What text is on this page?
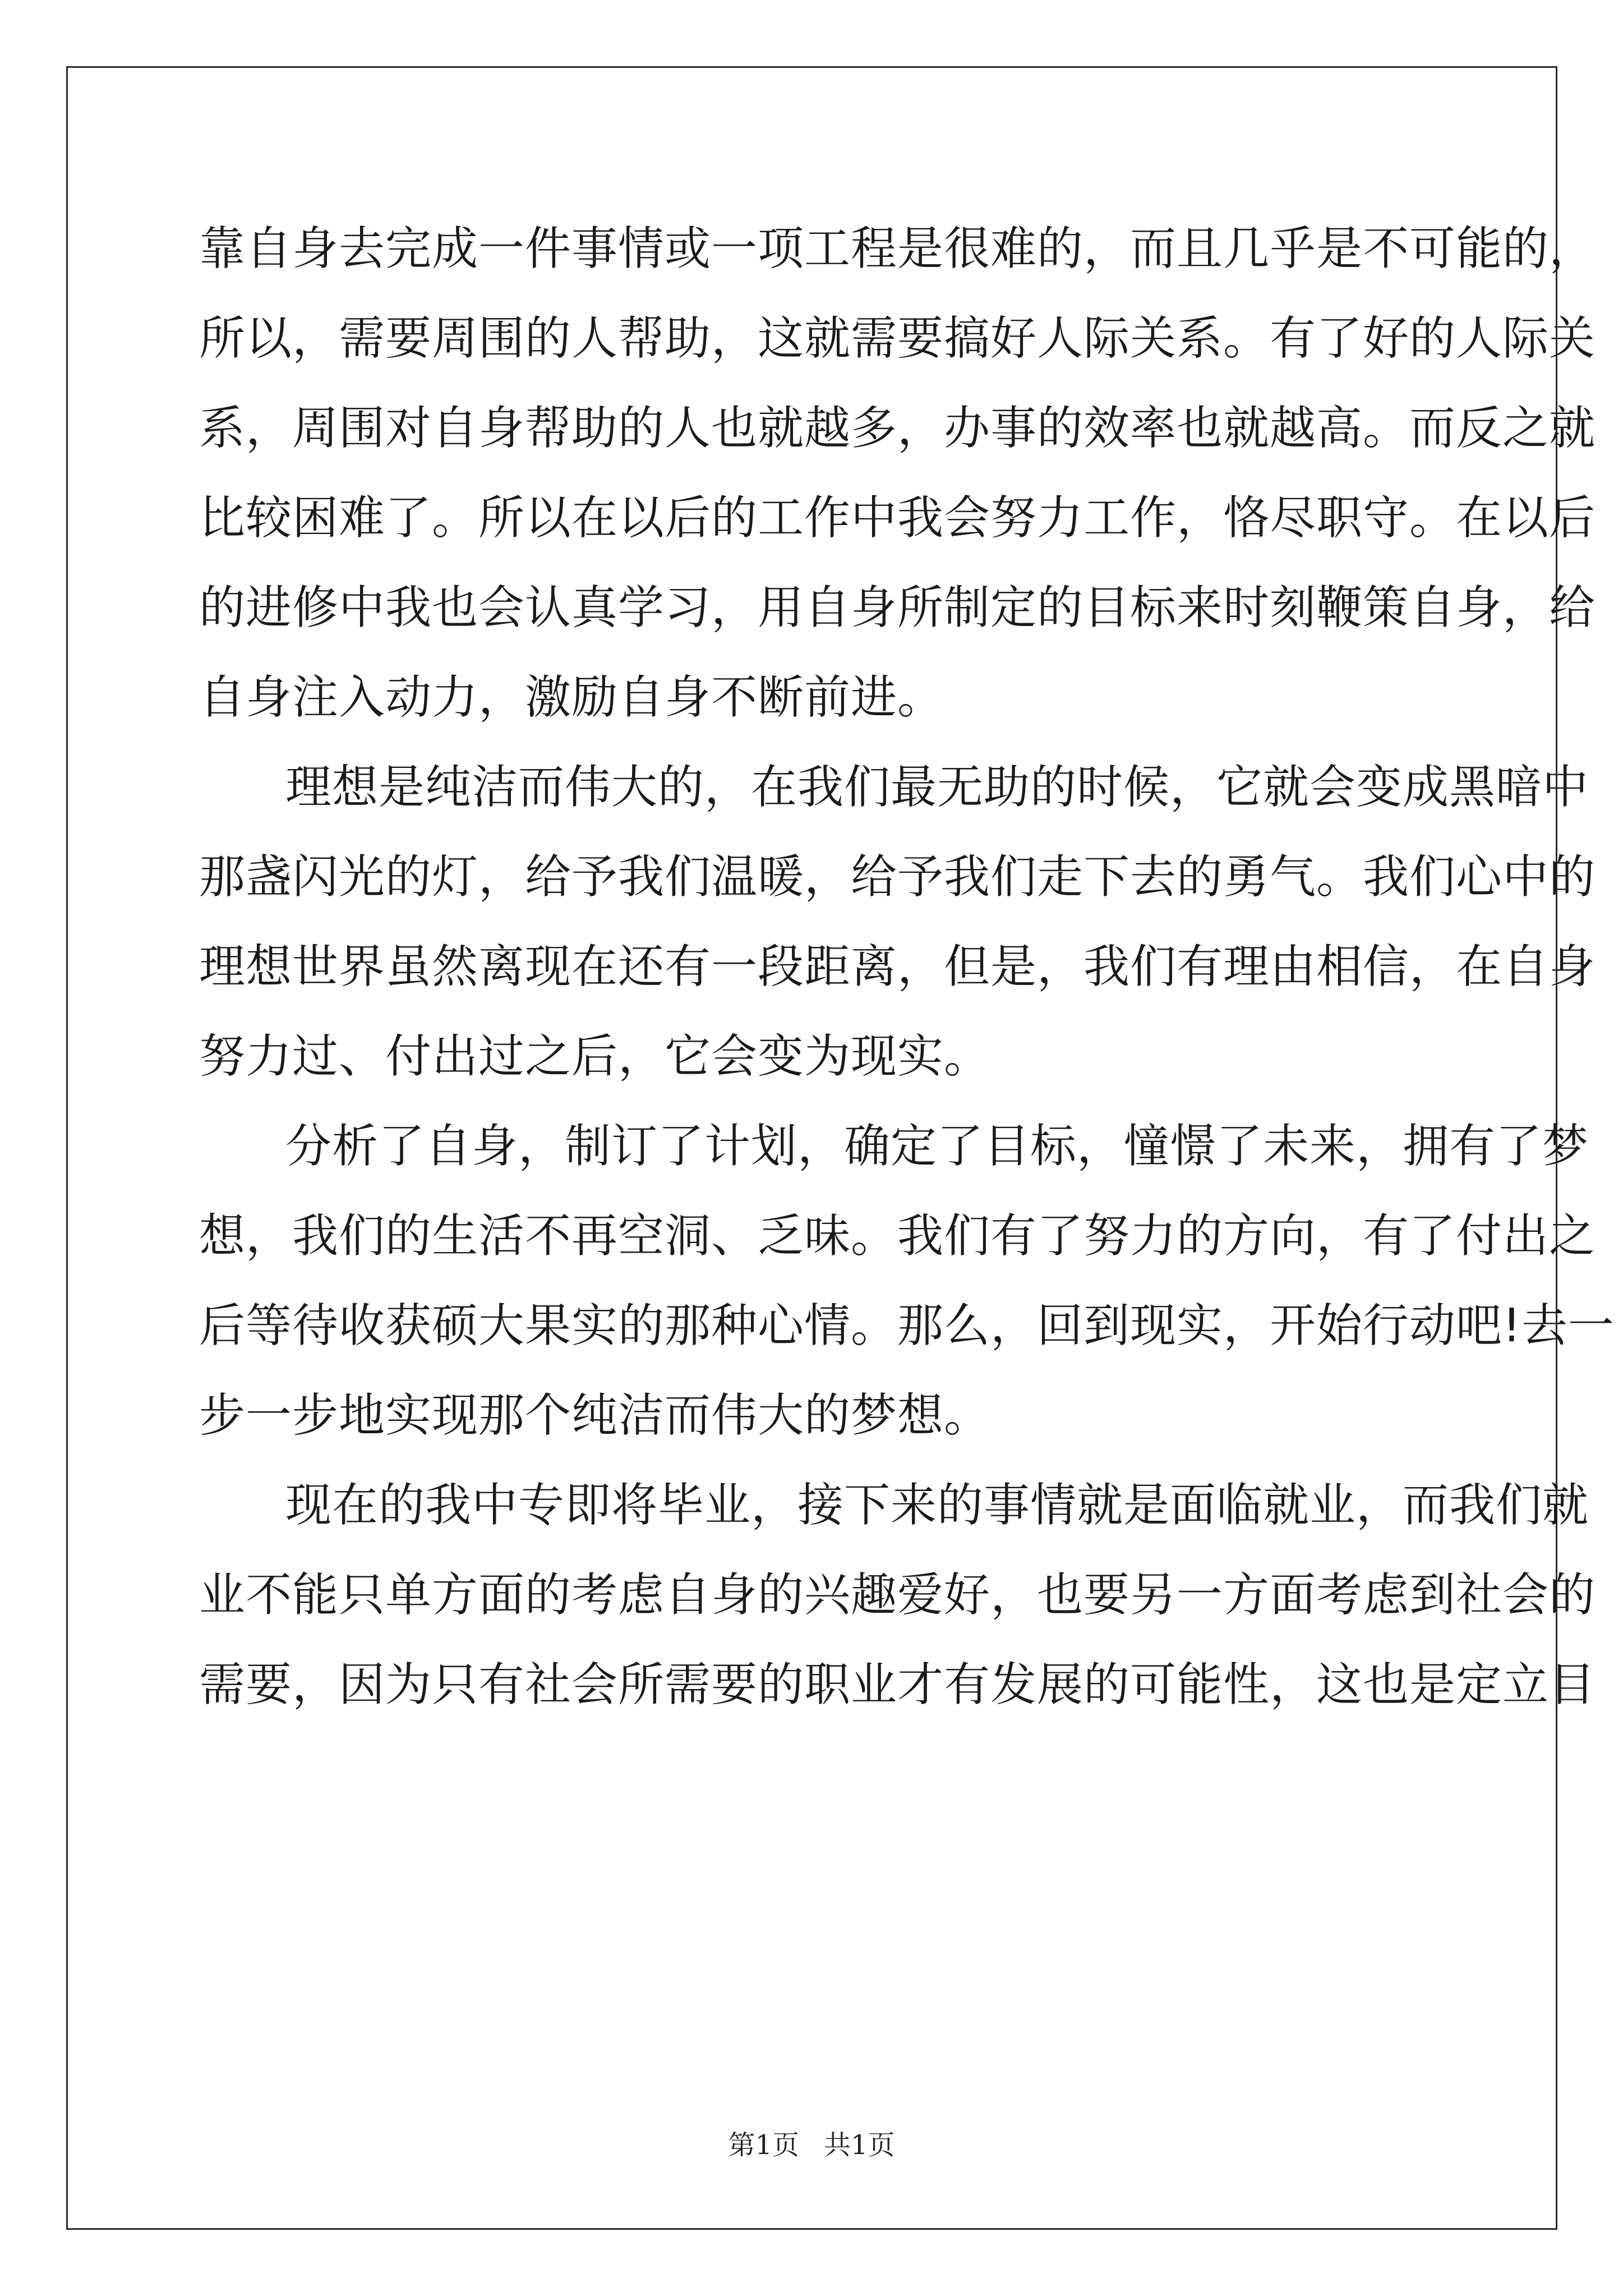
靠自身去完成一件事情或一项工程是很难的，而且几乎是不可能的，
所以，需要周围的人帮助，这就需要搞好人际关系。有了好的人际关
系，周围对自身帮助的人也就越多，办事的效率也就越高。而反之就
比较困难了。所以在以后的工作中我会努力工作，恪尽职守。在以后
的进修中我也会认真学习，用自身所制定的目标来时刻鞭策自身，给
自身注入动力，激励自身不断前进。
理想是纯洁而伟大的，在我们最无助的时候，它就会变成黑暗中
那盏闪光的灯，给予我们温暖，给予我们走下去的勇气。我们心中的
理想世界虽然离现在还有一段距离，但是，我们有理由相信，在自身
努力过、付出过之后，它会变为现实。
分析了自身，制订了计划，确定了目标，憧憬了未来，拥有了梦
想，我们的生活不再空洞、乏味。我们有了努力的方向，有了付出之
后等待收获硕大果实的那种心情。那么，回到现实，开始行动吧!去一
步一步地实现那个纯洁而伟大的梦想。
现在的我中专即将毕业，接下来的事情就是面临就业，而我们就
业不能只单方面的考虑自身的兴趣爱好，也要另一方面考虑到社会的
需要，因为只有社会所需要的职业才有发展的可能性，这也是定立目
第1页 共1页
